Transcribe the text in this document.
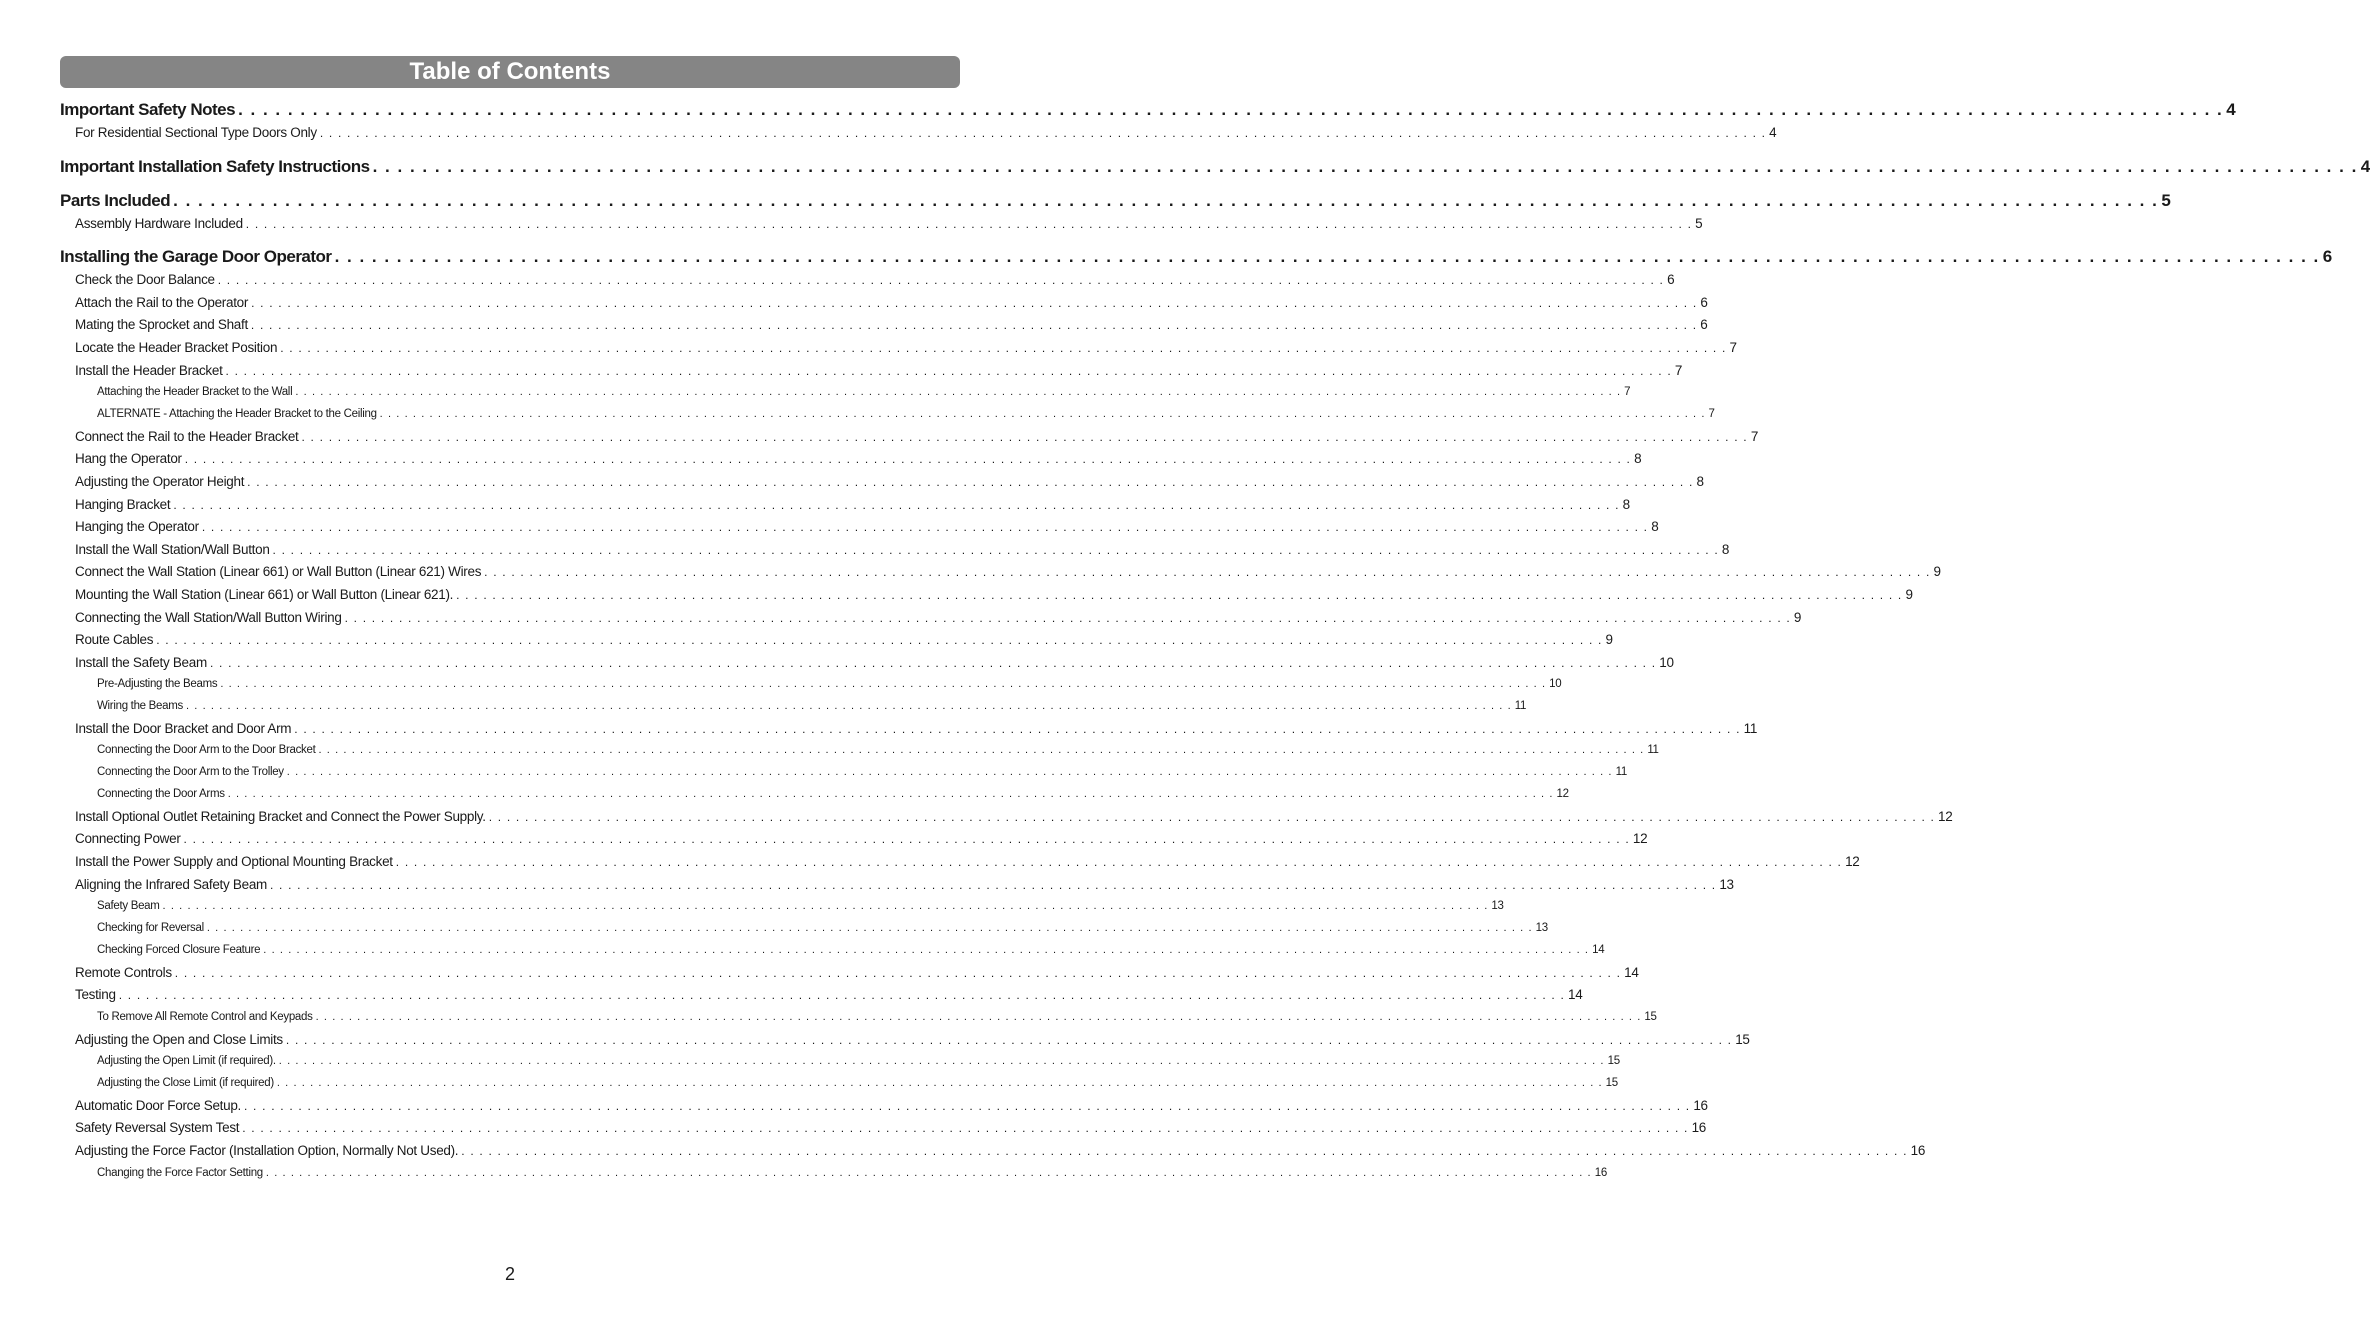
Table of Contents
Important Safety Notes . . . . . . . . . . . . . . . . . . . . . . . . . . . . . . . . . . . . . . . . . . . . . . . . . . . . . . . . . . . . . . . . . . . . . . . . . . . . . . . . . . . . . . . . . . . . . . . . . . . . . . . . . . . . . . . . . . . . . . . . . . . . . . . . . . . . . . . . . . . . . . . . . . . . . . . . . . . . . . . . 4
For Residential Sectional Type Doors Only . . . . . . . . . . . . . . . . . . . . . . . . . . . . . . . . . . . . . . . . . . . . . . . . . . . . . . . . . . . . . . . . . . . . . . . . . . . . . . . . . . . . . . . . . . . . . . . . . . . . . . . . . . . . . . . . . . . . . . . . . . . . . . . . . . . . . . . . . . . . . . . . . . . . . . . . . . . . . . . . 4
Important Installation Safety Instructions . . . . . . . . . . . . . . . . . . . . . . . . . . . . . . . . . . . . . . . . . . . . . . . . . . . . . . . . . . . . . . . . . . . . . . . . . . . . . . . . . . . . . . . . . . . . . . . . . . . . . . . . . . . . . . . . . . . . . . . . . . . . . . . . . . . . . . . . . . . . . . . . . . . . . . . . . . . . . . . . 4
Parts Included . . . . . . . . . . . . . . . . . . . . . . . . . . . . . . . . . . . . . . . . . . . . . . . . . . . . . . . . . . . . . . . . . . . . . . . . . . . . . . . . . . . . . . . . . . . . . . . . . . . . . . . . . . . . . . . . . . . . . . . . . . . . . . . . . . . . . . . . . . . . . . . . . . . . . . . . . . . . . . . . 5
Assembly Hardware Included . . . . . . . . . . . . . . . . . . . . . . . . . . . . . . . . . . . . . . . . . . . . . . . . . . . . . . . . . . . . . . . . . . . . . . . . . . . . . . . . . . . . . . . . . . . . . . . . . . . . . . . . . . . . . . . . . . . . . . . . . . . . . . . . . . . . . . . . . . . . . . . . . . . . . . . . . . . . . . . . 5
Installing the Garage Door Operator . . . . . . . . . . . . . . . . . . . . . . . . . . . . . . . . . . . . . . . . . . . . . . . . . . . . . . . . . . . . . . . . . . . . . . . . . . . . . . . . . . . . . . . . . . . . . . . . . . . . . . . . . . . . . . . . . . . . . . . . . . . . . . . . . . . . . . . . . . . . . . . . . . . . . . . . . . . . . . . . 6
Check the Door Balance . . . . . . . . . . . . . . . . . . . . . . . . . . . . . . . . . . . . . . . . . . . . . . . . . . . . . . . . . . . . . . . . . . . . . . . . . . . . . . . . . . . . . . . . . . . . . . . . . . . . . . . . . . . . . . . . . . . . . . . . . . . . . . . . . . . . . . . . . . . . . . . . . . . . . . . . . . . . . . . . 6
Attach the Rail to the Operator . . . . . . . . . . . . . . . . . . . . . . . . . . . . . . . . . . . . . . . . . . . . . . . . . . . . . . . . . . . . . . . . . . . . . . . . . . . . . . . . . . . . . . . . . . . . . . . . . . . . . . . . . . . . . . . . . . . . . . . . . . . . . . . . . . . . . . . . . . . . . . . . . . . . . . . . . . . . . . . . 6
Mating the Sprocket and Shaft . . . . . . . . . . . . . . . . . . . . . . . . . . . . . . . . . . . . . . . . . . . . . . . . . . . . . . . . . . . . . . . . . . . . . . . . . . . . . . . . . . . . . . . . . . . . . . . . . . . . . . . . . . . . . . . . . . . . . . . . . . . . . . . . . . . . . . . . . . . . . . . . . . . . . . . . . . . . . . . . 6
Locate the Header Bracket Position . . . . . . . . . . . . . . . . . . . . . . . . . . . . . . . . . . . . . . . . . . . . . . . . . . . . . . . . . . . . . . . . . . . . . . . . . . . . . . . . . . . . . . . . . . . . . . . . . . . . . . . . . . . . . . . . . . . . . . . . . . . . . . . . . . . . . . . . . . . . . . . . . . . . . . . . . . . . . . . . 7
Install the Header Bracket . . . . . . . . . . . . . . . . . . . . . . . . . . . . . . . . . . . . . . . . . . . . . . . . . . . . . . . . . . . . . . . . . . . . . . . . . . . . . . . . . . . . . . . . . . . . . . . . . . . . . . . . . . . . . . . . . . . . . . . . . . . . . . . . . . . . . . . . . . . . . . . . . . . . . . . . . . . . . . . . 7
Attaching the Header Bracket to the Wall . . . . . . . . . . . . . . . . . . . . . . . . . . . . . . . . . . . . . . . . . . . . . . . . . . . . . . . . . . . . . . . . . . . . . . . . . . . . . . . . . . . . . . . . . . . . . . . . . . . . . . . . . . . . . . . . . . . . . . . . . . . . . . . . . . . . . . . . . . . . . . . . . . . . . . . . . . . . . . . . 7
ALTERNATE - Attaching the Header Bracket to the Ceiling . . . . . . . . . . . . . . . . . . . . . . . . . . . . . . . . . . . . . . . . . . . . . . . . . . . . . . . . . . . . . . . . . . . . . . . . . . . . . . . . . . . . . . . . . . . . . . . . . . . . . . . . . . . . . . . . . . . . . . . . . . . . . . . . . . . . . . . . . . . . . . . . . . . . . . . . . . . . . . . . 7
Connect the Rail to the Header Bracket . . . . . . . . . . . . . . . . . . . . . . . . . . . . . . . . . . . . . . . . . . . . . . . . . . . . . . . . . . . . . . . . . . . . . . . . . . . . . . . . . . . . . . . . . . . . . . . . . . . . . . . . . . . . . . . . . . . . . . . . . . . . . . . . . . . . . . . . . . . . . . . . . . . . . . . . . . . . . . . . 7
Hang the Operator . . . . . . . . . . . . . . . . . . . . . . . . . . . . . . . . . . . . . . . . . . . . . . . . . . . . . . . . . . . . . . . . . . . . . . . . . . . . . . . . . . . . . . . . . . . . . . . . . . . . . . . . . . . . . . . . . . . . . . . . . . . . . . . . . . . . . . . . . . . . . . . . . . . . . . . . . . . . . . . . 8
Adjusting the Operator Height . . . . . . . . . . . . . . . . . . . . . . . . . . . . . . . . . . . . . . . . . . . . . . . . . . . . . . . . . . . . . . . . . . . . . . . . . . . . . . . . . . . . . . . . . . . . . . . . . . . . . . . . . . . . . . . . . . . . . . . . . . . . . . . . . . . . . . . . . . . . . . . . . . . . . . . . . . . . . . . . 8
Hanging Bracket . . . . . . . . . . . . . . . . . . . . . . . . . . . . . . . . . . . . . . . . . . . . . . . . . . . . . . . . . . . . . . . . . . . . . . . . . . . . . . . . . . . . . . . . . . . . . . . . . . . . . . . . . . . . . . . . . . . . . . . . . . . . . . . . . . . . . . . . . . . . . . . . . . . . . . . . . . . . . . . . 8
Hanging the Operator . . . . . . . . . . . . . . . . . . . . . . . . . . . . . . . . . . . . . . . . . . . . . . . . . . . . . . . . . . . . . . . . . . . . . . . . . . . . . . . . . . . . . . . . . . . . . . . . . . . . . . . . . . . . . . . . . . . . . . . . . . . . . . . . . . . . . . . . . . . . . . . . . . . . . . . . . . . . . . . . 8
Install the Wall Station/Wall Button . . . . . . . . . . . . . . . . . . . . . . . . . . . . . . . . . . . . . . . . . . . . . . . . . . . . . . . . . . . . . . . . . . . . . . . . . . . . . . . . . . . . . . . . . . . . . . . . . . . . . . . . . . . . . . . . . . . . . . . . . . . . . . . . . . . . . . . . . . . . . . . . . . . . . . . . . . . . . . . . 8
Connect the Wall Station (Linear 661) or Wall Button (Linear 621) Wires . . . . . . . . . . . . . . . . . . . . . . . . . . . . . . . . . . . . . . . . . . . . . . . . . . . . . . . . . . . . . . . . . . . . . . . . . . . . . . . . . . . . . . . . . . . . . . . . . . . . . . . . . . . . . . . . . . . . . . . . . . . . . . . . . . . . . . . . . . . . . . . . . . . . . . . . . . . . . . . . 9
Mounting the Wall Station (Linear 661) or Wall Button (Linear 621). . . . . . . . . . . . . . . . . . . . . . . . . . . . . . . . . . . . . . . . . . . . . . . . . . . . . . . . . . . . . . . . . . . . . . . . . . . . . . . . . . . . . . . . . . . . . . . . . . . . . . . . . . . . . . . . . . . . . . . . . . . . . . . . . . . . . . . . . . . . . . . . . . . . . . . . . . . . . . . . . 9
Connecting the Wall Station/Wall Button Wiring . . . . . . . . . . . . . . . . . . . . . . . . . . . . . . . . . . . . . . . . . . . . . . . . . . . . . . . . . . . . . . . . . . . . . . . . . . . . . . . . . . . . . . . . . . . . . . . . . . . . . . . . . . . . . . . . . . . . . . . . . . . . . . . . . . . . . . . . . . . . . . . . . . . . . . . . . . . . . . . . 9
Route Cables . . . . . . . . . . . . . . . . . . . . . . . . . . . . . . . . . . . . . . . . . . . . . . . . . . . . . . . . . . . . . . . . . . . . . . . . . . . . . . . . . . . . . . . . . . . . . . . . . . . . . . . . . . . . . . . . . . . . . . . . . . . . . . . . . . . . . . . . . . . . . . . . . . . . . . . . . . . . . . . . 9
Install the Safety Beam . . . . . . . . . . . . . . . . . . . . . . . . . . . . . . . . . . . . . . . . . . . . . . . . . . . . . . . . . . . . . . . . . . . . . . . . . . . . . . . . . . . . . . . . . . . . . . . . . . . . . . . . . . . . . . . . . . . . . . . . . . . . . . . . . . . . . . . . . . . . . . . . . . . . . . . . . . . . . . . . 10
Pre-Adjusting the Beams . . . . . . . . . . . . . . . . . . . . . . . . . . . . . . . . . . . . . . . . . . . . . . . . . . . . . . . . . . . . . . . . . . . . . . . . . . . . . . . . . . . . . . . . . . . . . . . . . . . . . . . . . . . . . . . . . . . . . . . . . . . . . . . . . . . . . . . . . . . . . . . . . . . . . . . . . . . . . . . . 10
Wiring the Beams . . . . . . . . . . . . . . . . . . . . . . . . . . . . . . . . . . . . . . . . . . . . . . . . . . . . . . . . . . . . . . . . . . . . . . . . . . . . . . . . . . . . . . . . . . . . . . . . . . . . . . . . . . . . . . . . . . . . . . . . . . . . . . . . . . . . . . . . . . . . . . . . . . . . . . . . . . . . . . . . 11
Install the Door Bracket and Door Arm . . . . . . . . . . . . . . . . . . . . . . . . . . . . . . . . . . . . . . . . . . . . . . . . . . . . . . . . . . . . . . . . . . . . . . . . . . . . . . . . . . . . . . . . . . . . . . . . . . . . . . . . . . . . . . . . . . . . . . . . . . . . . . . . . . . . . . . . . . . . . . . . . . . . . . . . . . . . . . . . 11
Connecting the Door Arm to the Door Bracket . . . . . . . . . . . . . . . . . . . . . . . . . . . . . . . . . . . . . . . . . . . . . . . . . . . . . . . . . . . . . . . . . . . . . . . . . . . . . . . . . . . . . . . . . . . . . . . . . . . . . . . . . . . . . . . . . . . . . . . . . . . . . . . . . . . . . . . . . . . . . . . . . . . . . . . . . . . . . . . . 11
Connecting the Door Arm to the Trolley . . . . . . . . . . . . . . . . . . . . . . . . . . . . . . . . . . . . . . . . . . . . . . . . . . . . . . . . . . . . . . . . . . . . . . . . . . . . . . . . . . . . . . . . . . . . . . . . . . . . . . . . . . . . . . . . . . . . . . . . . . . . . . . . . . . . . . . . . . . . . . . . . . . . . . . . . . . . . . . . 11
Connecting the Door Arms . . . . . . . . . . . . . . . . . . . . . . . . . . . . . . . . . . . . . . . . . . . . . . . . . . . . . . . . . . . . . . . . . . . . . . . . . . . . . . . . . . . . . . . . . . . . . . . . . . . . . . . . . . . . . . . . . . . . . . . . . . . . . . . . . . . . . . . . . . . . . . . . . . . . . . . . . . . . . . . . 12
Install Optional Outlet Retaining Bracket and Connect the Power Supply. . . . . . . . . . . . . . . . . . . . . . . . . . . . . . . . . . . . . . . . . . . . . . . . . . . . . . . . . . . . . . . . . . . . . . . . . . . . . . . . . . . . . . . . . . . . . . . . . . . . . . . . . . . . . . . . . . . . . . . . . . . . . . . . . . . . . . . . . . . . . . . . . . . . . . . . . . . . . . . . . 12
Connecting Power . . . . . . . . . . . . . . . . . . . . . . . . . . . . . . . . . . . . . . . . . . . . . . . . . . . . . . . . . . . . . . . . . . . . . . . . . . . . . . . . . . . . . . . . . . . . . . . . . . . . . . . . . . . . . . . . . . . . . . . . . . . . . . . . . . . . . . . . . . . . . . . . . . . . . . . . . . . . . . . . 12
Install the Power Supply and Optional Mounting Bracket . . . . . . . . . . . . . . . . . . . . . . . . . . . . . . . . . . . . . . . . . . . . . . . . . . . . . . . . . . . . . . . . . . . . . . . . . . . . . . . . . . . . . . . . . . . . . . . . . . . . . . . . . . . . . . . . . . . . . . . . . . . . . . . . . . . . . . . . . . . . . . . . . . . . . . . . . . . . . . . . 12
Aligning the Infrared Safety Beam . . . . . . . . . . . . . . . . . . . . . . . . . . . . . . . . . . . . . . . . . . . . . . . . . . . . . . . . . . . . . . . . . . . . . . . . . . . . . . . . . . . . . . . . . . . . . . . . . . . . . . . . . . . . . . . . . . . . . . . . . . . . . . . . . . . . . . . . . . . . . . . . . . . . . . . . . . . . . . . . 13
Safety Beam . . . . . . . . . . . . . . . . . . . . . . . . . . . . . . . . . . . . . . . . . . . . . . . . . . . . . . . . . . . . . . . . . . . . . . . . . . . . . . . . . . . . . . . . . . . . . . . . . . . . . . . . . . . . . . . . . . . . . . . . . . . . . . . . . . . . . . . . . . . . . . . . . . . . . . . . . . . . . . . . 13
Checking for Reversal . . . . . . . . . . . . . . . . . . . . . . . . . . . . . . . . . . . . . . . . . . . . . . . . . . . . . . . . . . . . . . . . . . . . . . . . . . . . . . . . . . . . . . . . . . . . . . . . . . . . . . . . . . . . . . . . . . . . . . . . . . . . . . . . . . . . . . . . . . . . . . . . . . . . . . . . . . . . . . . . 13
Checking Forced Closure Feature . . . . . . . . . . . . . . . . . . . . . . . . . . . . . . . . . . . . . . . . . . . . . . . . . . . . . . . . . . . . . . . . . . . . . . . . . . . . . . . . . . . . . . . . . . . . . . . . . . . . . . . . . . . . . . . . . . . . . . . . . . . . . . . . . . . . . . . . . . . . . . . . . . . . . . . . . . . . . . . . 14
Remote Controls . . . . . . . . . . . . . . . . . . . . . . . . . . . . . . . . . . . . . . . . . . . . . . . . . . . . . . . . . . . . . . . . . . . . . . . . . . . . . . . . . . . . . . . . . . . . . . . . . . . . . . . . . . . . . . . . . . . . . . . . . . . . . . . . . . . . . . . . . . . . . . . . . . . . . . . . . . . . . . . . 14
Testing . . . . . . . . . . . . . . . . . . . . . . . . . . . . . . . . . . . . . . . . . . . . . . . . . . . . . . . . . . . . . . . . . . . . . . . . . . . . . . . . . . . . . . . . . . . . . . . . . . . . . . . . . . . . . . . . . . . . . . . . . . . . . . . . . . . . . . . . . . . . . . . . . . . . . . . . . . . . . . . . 14
To Remove All Remote Control and Keypads . . . . . . . . . . . . . . . . . . . . . . . . . . . . . . . . . . . . . . . . . . . . . . . . . . . . . . . . . . . . . . . . . . . . . . . . . . . . . . . . . . . . . . . . . . . . . . . . . . . . . . . . . . . . . . . . . . . . . . . . . . . . . . . . . . . . . . . . . . . . . . . . . . . . . . . . . . . . . . . . 15
Adjusting the Open and Close Limits . . . . . . . . . . . . . . . . . . . . . . . . . . . . . . . . . . . . . . . . . . . . . . . . . . . . . . . . . . . . . . . . . . . . . . . . . . . . . . . . . . . . . . . . . . . . . . . . . . . . . . . . . . . . . . . . . . . . . . . . . . . . . . . . . . . . . . . . . . . . . . . . . . . . . . . . . . . . . . . . 15
Adjusting the Open Limit (if required). . . . . . . . . . . . . . . . . . . . . . . . . . . . . . . . . . . . . . . . . . . . . . . . . . . . . . . . . . . . . . . . . . . . . . . . . . . . . . . . . . . . . . . . . . . . . . . . . . . . . . . . . . . . . . . . . . . . . . . . . . . . . . . . . . . . . . . . . . . . . . . . . . . . . . . . . . . . . . . . . 15
Adjusting the Close Limit (if required) . . . . . . . . . . . . . . . . . . . . . . . . . . . . . . . . . . . . . . . . . . . . . . . . . . . . . . . . . . . . . . . . . . . . . . . . . . . . . . . . . . . . . . . . . . . . . . . . . . . . . . . . . . . . . . . . . . . . . . . . . . . . . . . . . . . . . . . . . . . . . . . . . . . . . . . . . . . . . . . . 15
Automatic Door Force Setup. . . . . . . . . . . . . . . . . . . . . . . . . . . . . . . . . . . . . . . . . . . . . . . . . . . . . . . . . . . . . . . . . . . . . . . . . . . . . . . . . . . . . . . . . . . . . . . . . . . . . . . . . . . . . . . . . . . . . . . . . . . . . . . . . . . . . . . . . . . . . . . . . . . . . . . . . . . . . . . . . 16
Safety Reversal System Test . . . . . . . . . . . . . . . . . . . . . . . . . . . . . . . . . . . . . . . . . . . . . . . . . . . . . . . . . . . . . . . . . . . . . . . . . . . . . . . . . . . . . . . . . . . . . . . . . . . . . . . . . . . . . . . . . . . . . . . . . . . . . . . . . . . . . . . . . . . . . . . . . . . . . . . . . . . . . . . . 16
Adjusting the Force Factor (Installation Option, Normally Not Used). . . . . . . . . . . . . . . . . . . . . . . . . . . . . . . . . . . . . . . . . . . . . . . . . . . . . . . . . . . . . . . . . . . . . . . . . . . . . . . . . . . . . . . . . . . . . . . . . . . . . . . . . . . . . . . . . . . . . . . . . . . . . . . . . . . . . . . . . . . . . . . . . . . . . . . . . . . . . . . . . 16
Changing the Force Factor Setting . . . . . . . . . . . . . . . . . . . . . . . . . . . . . . . . . . . . . . . . . . . . . . . . . . . . . . . . . . . . . . . . . . . . . . . . . . . . . . . . . . . . . . . . . . . . . . . . . . . . . . . . . . . . . . . . . . . . . . . . . . . . . . . . . . . . . . . . . . . . . . . . . . . . . . . . . . . . . . . . 16
2
